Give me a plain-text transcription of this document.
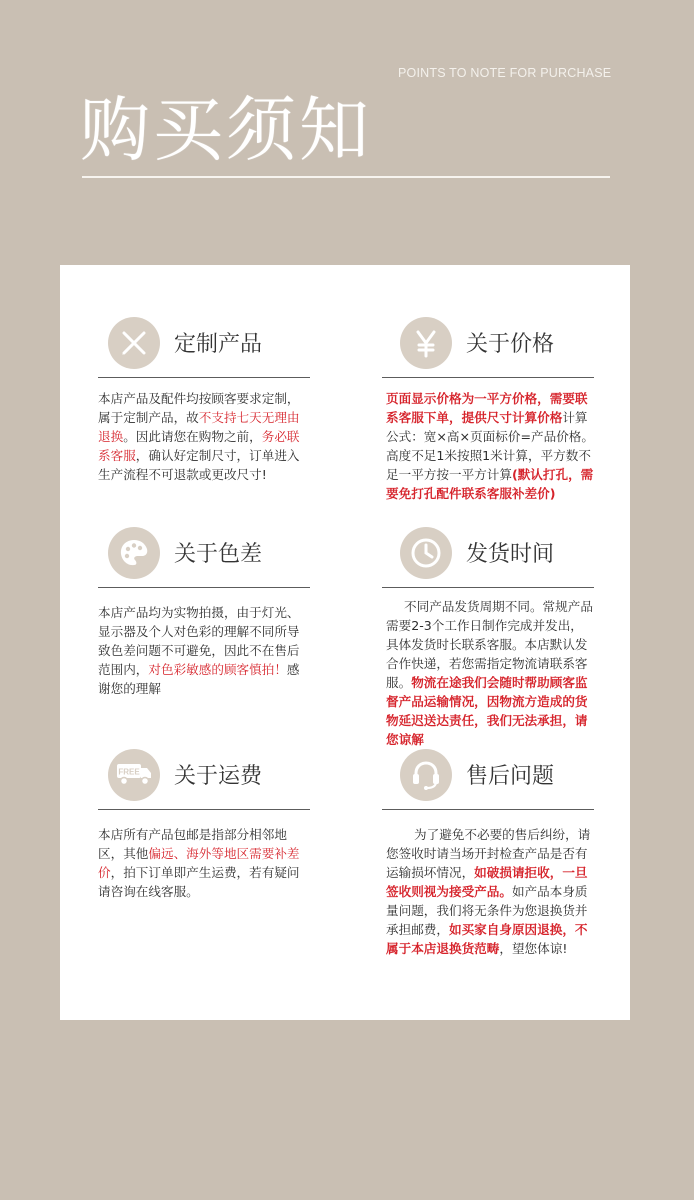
POINTS TO NOTE FOR PURCHASE
购买须知
定制产品
本店产品及配件均按顾客要求定制，属于定制产品，故不支持七天无理由退换。因此请您在购物之前，务必联系客服，确认好定制尺寸，订单进入生产流程不可退款或更改尺寸!
关于价格
页面显示价格为一平方价格，需要联系客服下单，提供尺寸计算价格计算公式：宽×高×页面标价=产品价格。高度不足1米按照1米计算，平方数不足一平方按一平方计算(默认打孔，需要免打孔配件联系客服补差价)
关于色差
本店产品均为实物拍摄，由于灯光、显示器及个人对色彩的理解不同所导致色差问题不可避免，因此不在售后范围内，对色彩敏感的顾客慎拍！感谢您的理解
发货时间
不同产品发货周期不同。常规产品需要2-3个工作日制作完成并发出，具体发货时长联系客服。本店默认发合作快递，若您需指定物流请联系客服。物流在途我们会随时帮助顾客监督产品运输情况，因物流方造成的货物延迟送达责任，我们无法承担，请您谅解
FREE 关于运费
本店所有产品包邮是指部分相邻地区，其他偏远、海外等地区需要补差价，拍下订单即产生运费，若有疑问请咨询在线客服。
售后问题
为了避免不必要的售后纠纷，请您签收时请当场开封检查产品是否有运输损坏情况，如破损请拒收，一旦签收则视为接受产品。如产品本身质量问题，我们将无条件为您退换货并承担邮费，如买家自身原因退换，不属于本店退换货范畴，望您体谅!
